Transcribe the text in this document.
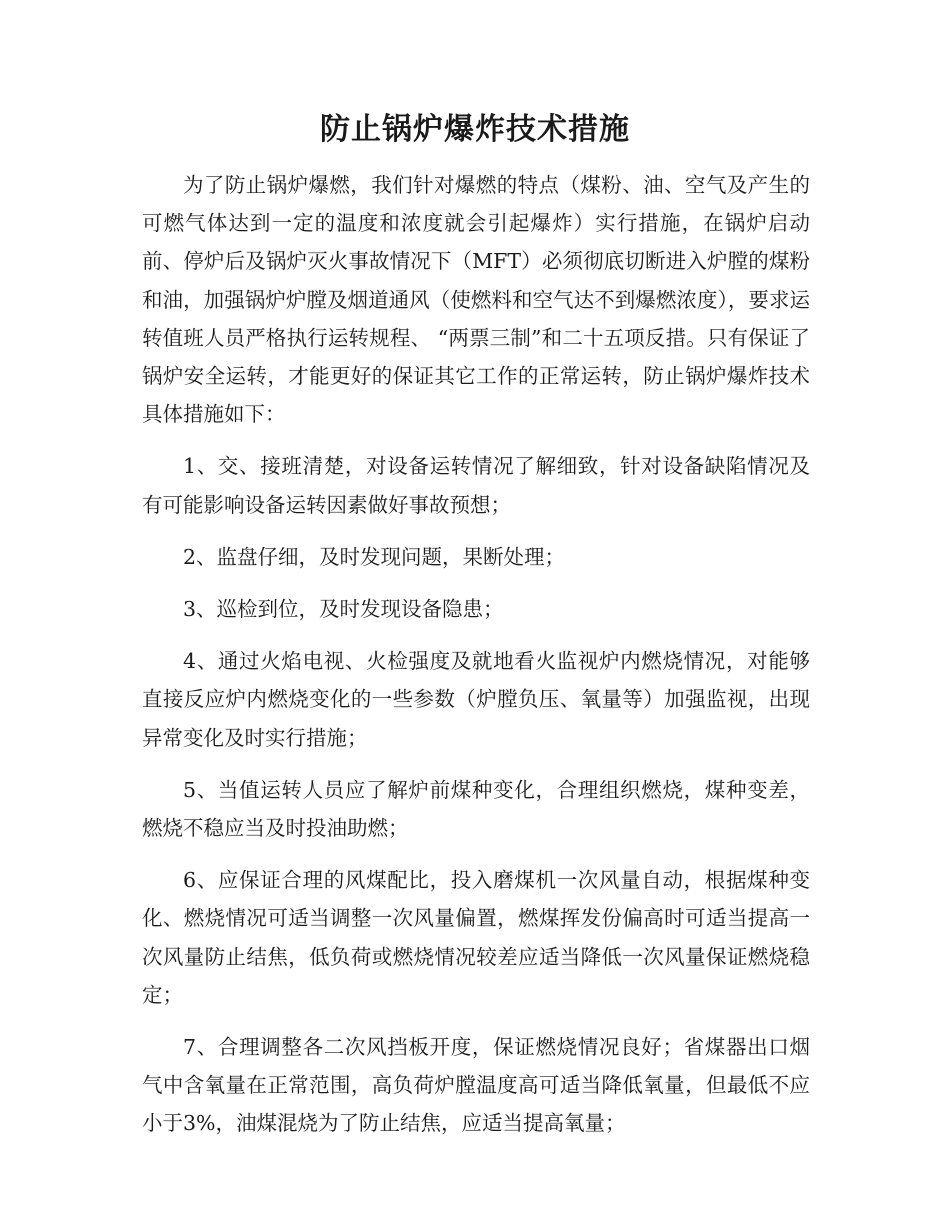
防止锅炉爆炸技术措施

为了防止锅炉爆燃，我们针对爆燃的特点（煤粉、油、空气及产生的可燃气体达到一定的温度和浓度就会引起爆炸）实行措施，在锅炉启动前、停炉后及锅炉灭火事故情况下（MFT）必须彻底切断进入炉膛的煤粉和油，加强锅炉炉膛及烟道通风（使燃料和空气达不到爆燃浓度），要求运转值班人员严格执行运转规程、 “两票三制”和二十五项反措。只有保证了锅炉安全运转，才能更好的保证其它工作的正常运转，防止锅炉爆炸技术具体措施如下：

1、交、接班清楚，对设备运转情况了解细致，针对设备缺陷情况及有可能影响设备运转因素做好事故预想；

2、监盘仔细，及时发现问题，果断处理；

3、巡检到位，及时发现设备隐患；

4、通过火焰电视、火检强度及就地看火监视炉内燃烧情况，对能够直接反应炉内燃烧变化的一些参数（炉膛负压、氧量等）加强监视，出现异常变化及时实行措施；

5、当值运转人员应了解炉前煤种变化，合理组织燃烧，煤种变差，燃烧不稳应当及时投油助燃；

6、应保证合理的风煤配比，投入磨煤机一次风量自动，根据煤种变化、燃烧情况可适当调整一次风量偏置，燃煤挥发份偏高时可适当提高一次风量防止结焦，低负荷或燃烧情况较差应适当降低一次风量保证燃烧稳定；

7、合理调整各二次风挡板开度，保证燃烧情况良好；省煤器出口烟气中含氧量在正常范围，高负荷炉膛温度高可适当降低氧量，但最低不应小于3%，油煤混烧为了防止结焦，应适当提高氧量；
